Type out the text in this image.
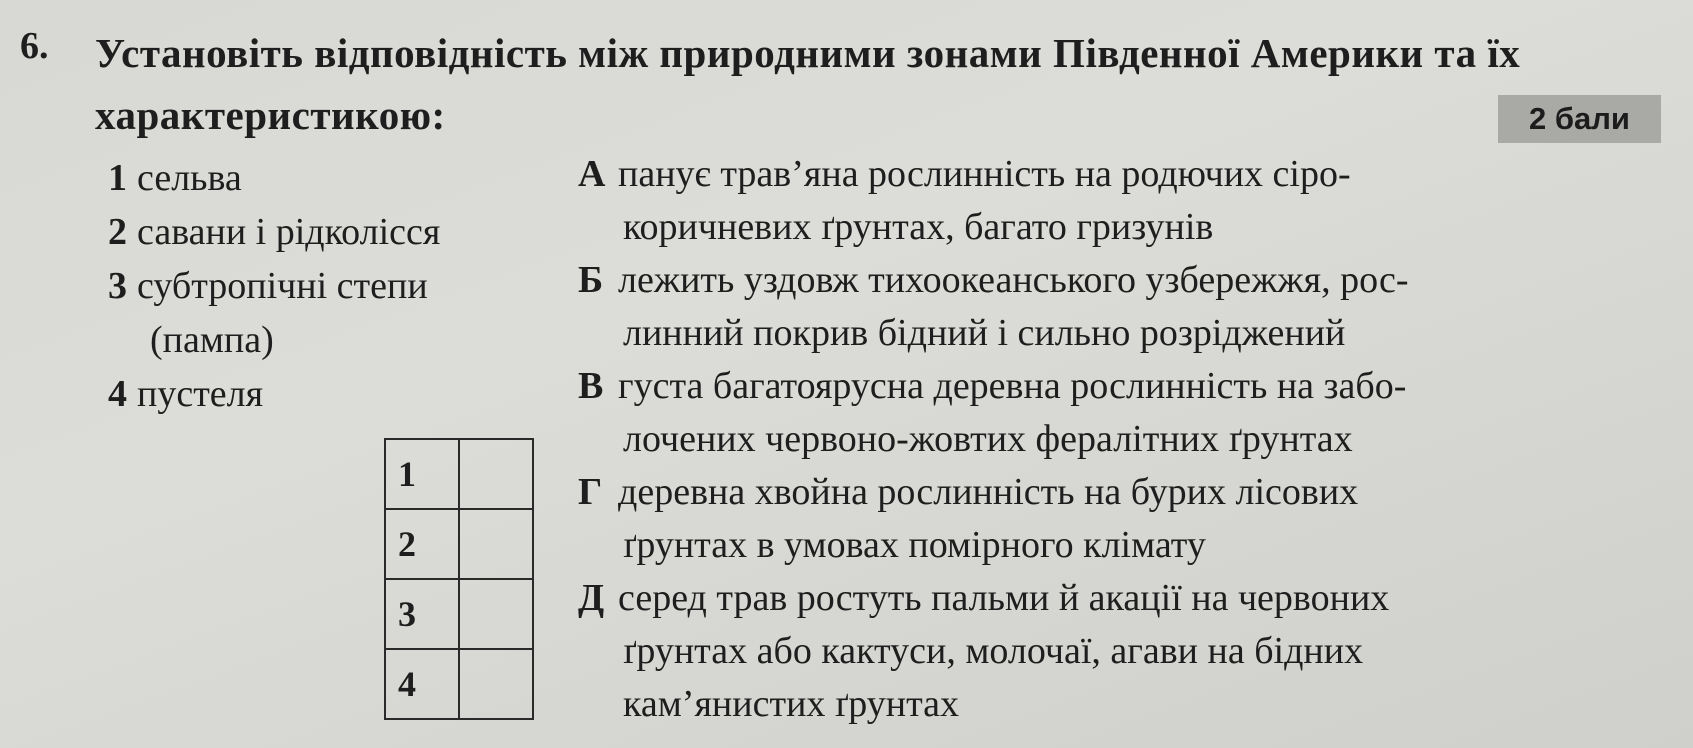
6. Установіть відповідність між природними зонами Південної Америки та їх характеристикою:	2 бали
1 сельва
2 савани і рідколісся
3 субтропічні степи
(пампа)
4 пустеля
А панує трав’яна рослинність на родючих сіро-
коричневих ґрунтах, багато гризунів
Б лежить уздовж тихоокеанського узбережжя, рос-
линний покрив бідний і сильно розріджений
В густа багатоярусна деревна рослинність на забо-
лочених червоно-жовтих фералітних ґрунтах
Г деревна хвойна рослинність на бурих лісових
ґрунтах в умовах помірного клімату
Д серед трав ростуть пальми й акації на червоних
ґрунтах або кактуси, молочаї, агави на бідних
кам’янистих ґрунтах
1	
2	
3	
4	
